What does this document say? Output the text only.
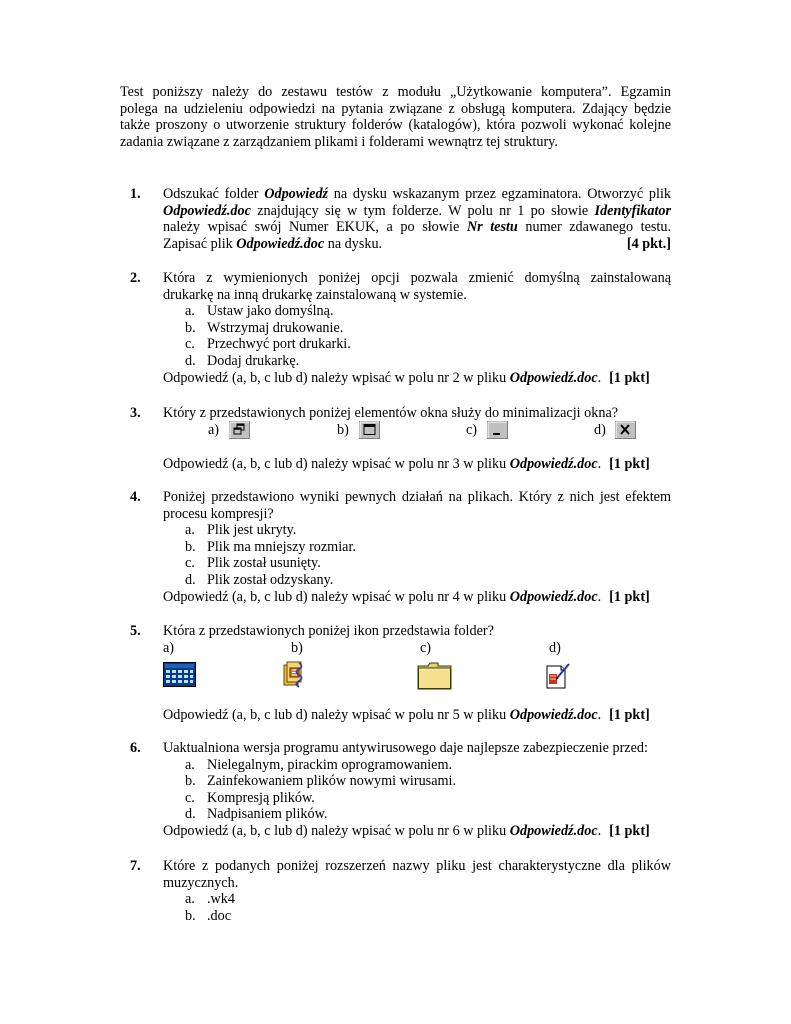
Test poniższy należy do zestawu testów z modułu „Użytkowanie komputera”. Egzamin
polega na udzieleniu odpowiedzi na pytania związane z obsługą komputera. Zdający będzie
także proszony o utworzenie struktury folderów (katalogów), która pozwoli wykonać kolejne
zadania związane z zarządzaniem plikami i folderami wewnątrz tej struktury.
1. Odszukać folder Odpowiedź na dysku wskazanym przez egzaminatora. Otworzyć plik
Odpowiedź.doc znajdujący się w tym folderze. W polu nr 1 po słowie Identyfikator
należy wpisać swój Numer EKUK, a po słowie Nr testu numer zdawanego testu.
Zapisać plik Odpowiedź.doc na dysku.	[4 pkt.]
2. Która z wymienionych poniżej opcji pozwala zmienić domyślną zainstalowaną
drukarkę na inną drukarkę zainstalowaną w systemie.
a. Ustaw jako domyślną.
b. Wstrzymaj drukowanie.
c. Przechwyć port drukarki.
d. Dodaj drukarkę.
Odpowiedź (a, b, c lub d) należy wpisać w polu nr 2 w pliku Odpowiedź.doc. [1 pkt]
3. Który z przedstawionych poniżej elementów okna służy do minimalizacji okna?
a)	b)	c)	d)
Odpowiedź (a, b, c lub d) należy wpisać w polu nr 3 w pliku Odpowiedź.doc. [1 pkt]
4. Poniżej przedstawiono wyniki pewnych działań na plikach. Który z nich jest efektem
procesu kompresji?
a. Plik jest ukryty.
b. Plik ma mniejszy rozmiar.
c. Plik został usunięty.
d. Plik został odzyskany.
Odpowiedź (a, b, c lub d) należy wpisać w polu nr 4 w pliku Odpowiedź.doc. [1 pkt]
5. Która z przedstawionych poniżej ikon przedstawia folder?
a)	b)	c)	d)
Odpowiedź (a, b, c lub d) należy wpisać w polu nr 5 w pliku Odpowiedź.doc. [1 pkt]
6. Uaktualniona wersja programu antywirusowego daje najlepsze zabezpieczenie przed:
a. Nielegalnym, pirackim oprogramowaniem.
b. Zainfekowaniem plików nowymi wirusami.
c. Kompresją plików.
d. Nadpisaniem plików.
Odpowiedź (a, b, c lub d) należy wpisać w polu nr 6 w pliku Odpowiedź.doc. [1 pkt]
7. Które z podanych poniżej rozszerzeń nazwy pliku jest charakterystyczne dla plików
muzycznych.
a. .wk4
b. .doc
